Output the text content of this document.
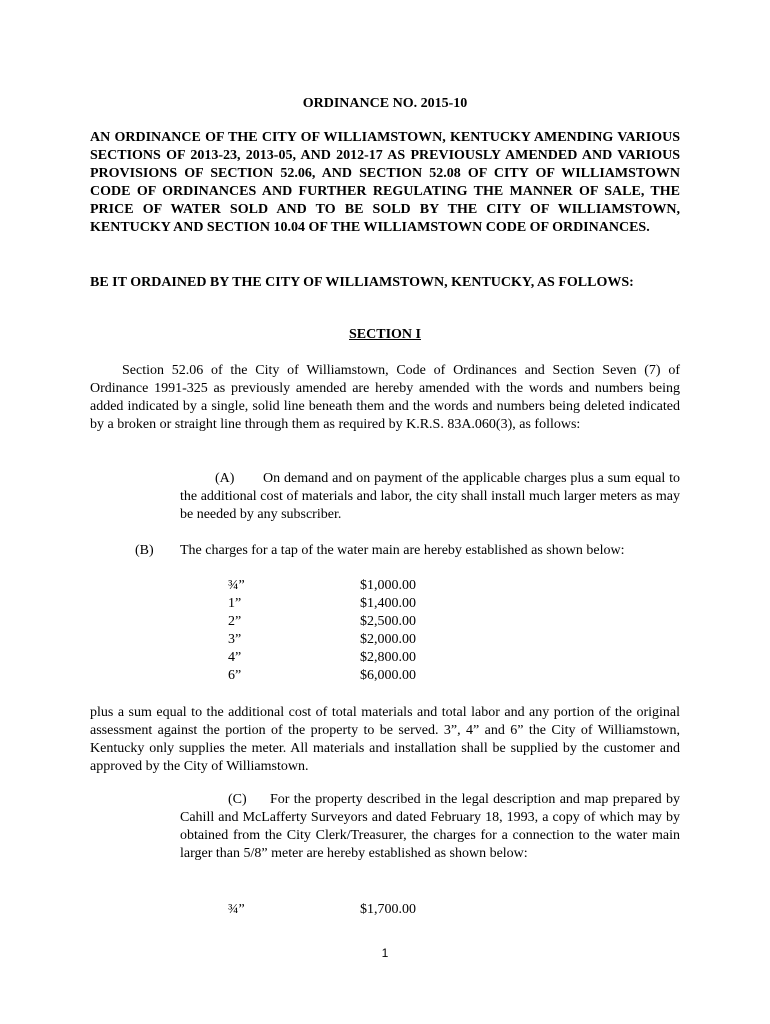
ORDINANCE NO. 2015-10
AN ORDINANCE OF THE CITY OF WILLIAMSTOWN, KENTUCKY AMENDING VARIOUS SECTIONS OF 2013-23, 2013-05, AND 2012-17 AS PREVIOUSLY AMENDED AND VARIOUS PROVISIONS OF SECTION 52.06, AND SECTION 52.08 OF CITY OF WILLIAMSTOWN CODE OF ORDINANCES AND FURTHER REGULATING THE MANNER OF SALE, THE PRICE OF WATER SOLD AND TO BE SOLD BY THE CITY OF WILLIAMSTOWN, KENTUCKY AND SECTION 10.04 OF THE WILLIAMSTOWN CODE OF ORDINANCES.
BE IT ORDAINED BY THE CITY OF WILLIAMSTOWN, KENTUCKY, AS FOLLOWS:
SECTION I
Section 52.06 of the City of Williamstown, Code of Ordinances and Section Seven (7) of Ordinance 1991-325 as previously amended are hereby amended with the words and numbers being added indicated by a single, solid line beneath them and the words and numbers being deleted indicated by a broken or straight line through them as required by K.R.S. 83A.060(3), as follows:
(A) On demand and on payment of the applicable charges plus a sum equal to the additional cost of materials and labor, the city shall install much larger meters as may be needed by any subscriber.
(B) The charges for a tap of the water main are hereby established as shown below:
¾”	$1,000.00
1”	$1,400.00
2”	$2,500.00
3”	$2,000.00
4”	$2,800.00
6”	$6,000.00
plus a sum equal to the additional cost of total materials and total labor and any portion of the original assessment against the portion of the property to be served. 3”, 4” and 6” the City of Williamstown, Kentucky only supplies the meter. All materials and installation shall be supplied by the customer and approved by the City of Williamstown.
(C) For the property described in the legal description and map prepared by Cahill and McLafferty Surveyors and dated February 18, 1993, a copy of which may by obtained from the City Clerk/Treasurer, the charges for a connection to the water main larger than 5/8” meter are hereby established as shown below:
¾”	$1,700.00
1
